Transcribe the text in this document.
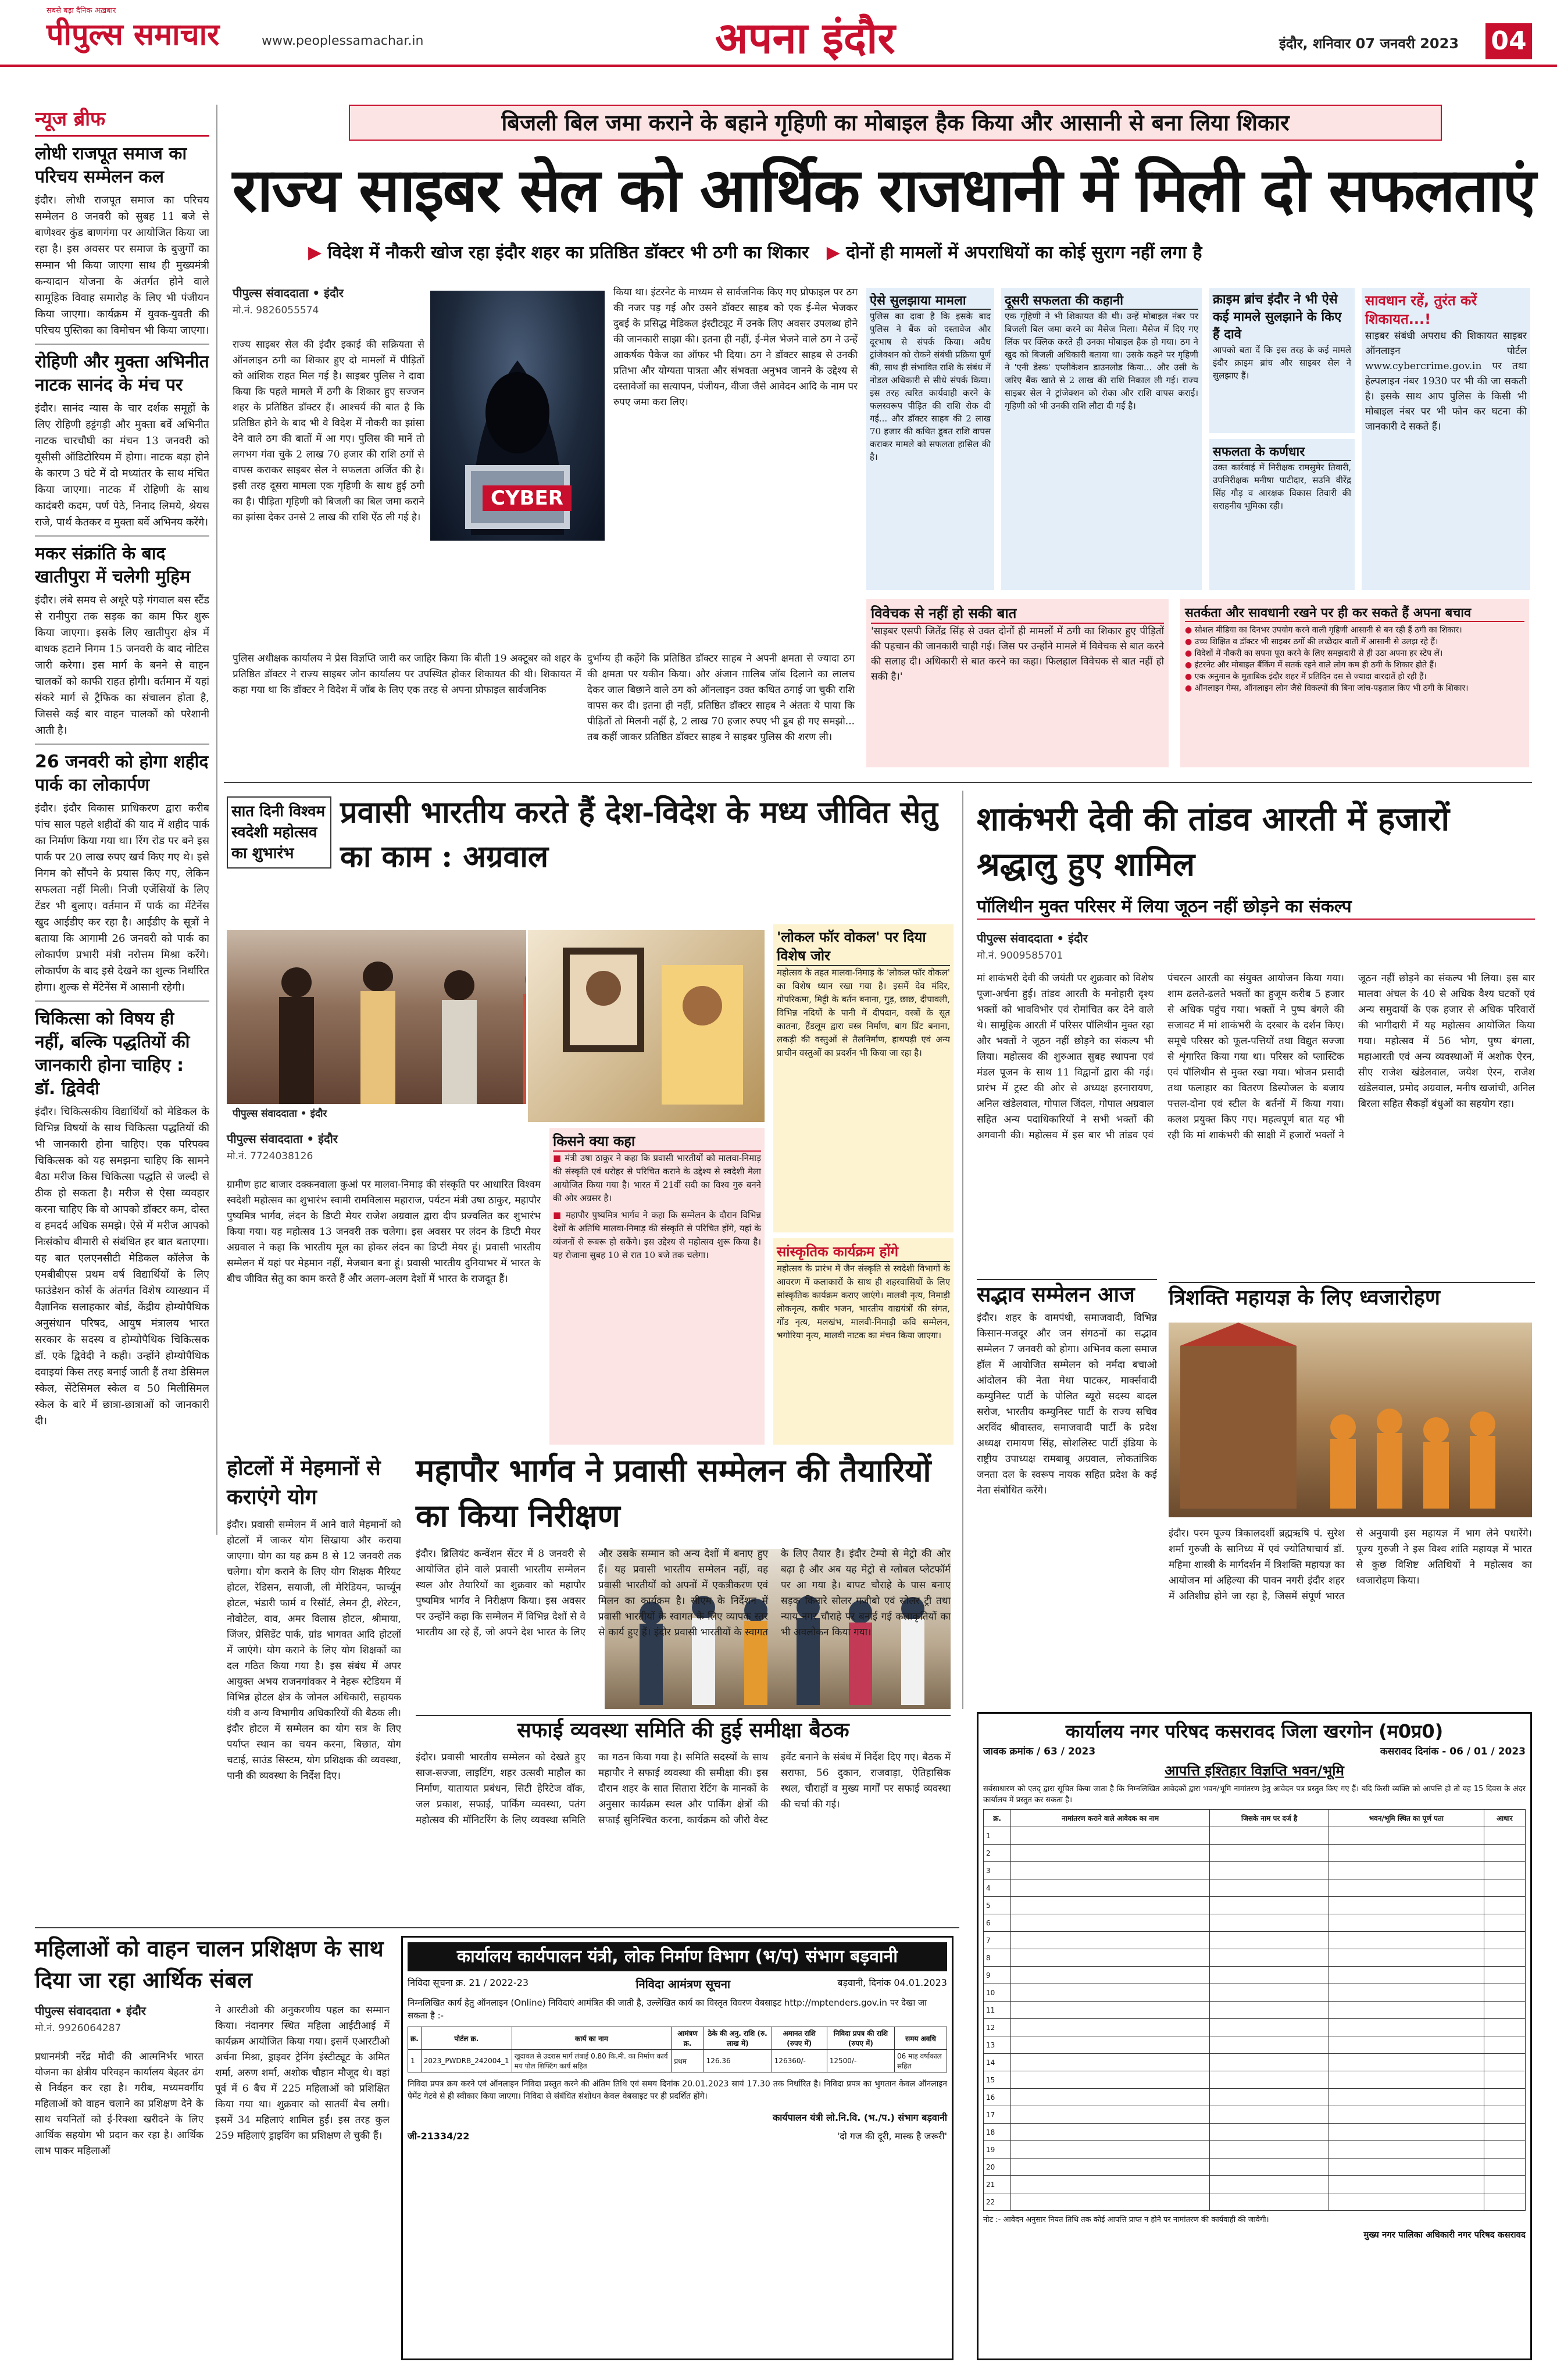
सबसे बड़ा दैनिक अख़बार
पीपुल्स समाचार	www.peoplessamachar.in	अपना इंदौर	इंदौर, शनिवार 07 जनवरी 2023 04
न्यूज ब्रीफ
लोधी राजपूत समाज का परिचय सम्मेलन कल
इंदौर। लोधी राजपूत समाज का परिचय सम्मेलन 8 जनवरी को सुबह 11 बजे से बाणेश्वर कुंड बाणगंगा पर आयोजित किया जा रहा है। इस अवसर पर समाज के बुजुर्गों का सम्मान भी किया जाएगा साथ ही मुख्यमंत्री कन्यादान योजना के अंतर्गत होने वाले सामूहिक विवाह समारोह के लिए भी पंजीयन किया जाएगा। कार्यक्रम में युवक-युवती की परिचय पुस्तिका का विमोचन भी किया जाएगा।
रोहिणी और मुक्ता अभिनीत नाटक सानंद के मंच पर
इंदौर। सानंद न्यास के चार दर्शक समूहों के लिए रोहिणी हट्टंगड़ी और मुक्ता बर्वे अभिनीत नाटक चारचौघी का मंचन 13 जनवरी को यूसीसी ऑडिटोरियम में होगा। नाटक बड़ा होने के कारण 3 घंटे में दो मध्यांतर के साथ मंचित किया जाएगा। नाटक में रोहिणी के साथ कादंबरी कदम, पर्ण पेठे, निनाद लिमये, श्रेयस राजे, पार्थ केतकर व मुक्ता बर्वे अभिनय करेंगे।
मकर संक्रांति के बाद खातीपुरा में चलेगी मुहिम
इंदौर। लंबे समय से अधूरे पड़े गंगवाल बस स्टैंड से रानीपुरा तक सड़क का काम फिर शुरू किया जाएगा। इसके लिए खातीपुरा क्षेत्र में बाधक हटाने निगम 15 जनवरी के बाद नोटिस जारी करेगा। इस मार्ग के बनने से वाहन चालकों को काफी राहत होगी। वर्तमान में यहां संकरे मार्ग से ट्रैफिक का संचालन होता है, जिससे कई बार वाहन चालकों को परेशानी आती है।
26 जनवरी को होगा शहीद पार्क का लोकार्पण
इंदौर। इंदौर विकास प्राधिकरण द्वारा करीब पांच साल पहले शहीदों की याद में शहीद पार्क का निर्माण किया गया था। रिंग रोड पर बने इस पार्क पर 20 लाख रुपए खर्च किए गए थे। इसे निगम को सौंपने के प्रयास किए गए, लेकिन सफलता नहीं मिली। निजी एजेंसियों के लिए टेंडर भी बुलाए। वर्तमान में पार्क का मेंटेनेंस खुद आईडीए कर रहा है। आईडीए के सूत्रों ने बताया कि आगामी 26 जनवरी को पार्क का लोकार्पण प्रभारी मंत्री नरोत्तम मिश्रा करेंगे। लोकार्पण के बाद इसे देखने का शुल्क निर्धारित होगा। शुल्क से मेंटेनेंस में आसानी रहेगी।
चिकित्सा को विषय ही नहीं, बल्कि पद्धतियों की जानकारी होना चाहिए : डॉ. द्विवेदी
इंदौर। चिकित्सकीय विद्यार्थियों को मेडिकल के विभिन्न विषयों के साथ चिकित्सा पद्धतियों की भी जानकारी होना चाहिए। एक परिपक्व चिकित्सक को यह समझना चाहिए कि सामने बैठा मरीज किस चिकित्सा पद्धति से जल्दी से ठीक हो सकता है। मरीज से ऐसा व्यवहार करना चाहिए कि वो आपको डॉक्टर कम, दोस्त व हमदर्द अधिक समझे। ऐसे में मरीज आपको निःसंकोच बीमारी से संबंधित हर बात बताएगा। यह बात एलएनसीटी मेडिकल कॉलेज के एमबीबीएस प्रथम वर्ष विद्यार्थियों के लिए फाउंडेशन कोर्स के अंतर्गत विशेष व्याख्यान में वैज्ञानिक सलाहकार बोर्ड, केंद्रीय होम्योपैथिक अनुसंधान परिषद, आयुष मंत्रालय भारत सरकार के सदस्य व होम्योपैथिक चिकित्सक डॉ. एके द्विवेदी ने कही। उन्होंने होम्योपैथिक दवाइयां किस तरह बनाई जाती हैं तथा डेसिमल स्केल, सेंटेसिमल स्केल व 50 मिलीसिमल स्केल के बारे में छात्रा-छात्राओं को जानकारी दी।
बिजली बिल जमा कराने के बहाने गृहिणी का मोबाइल हैक किया और आसानी से बना लिया शिकार
राज्य साइबर सेल को आर्थिक राजधानी में मिली दो सफलताएं
▶ विदेश में नौकरी खोज रहा इंदौर शहर का प्रतिष्ठित डॉक्टर भी ठगी का शिकार ▶ दोनों ही मामलों में अपराधियों का कोई सुराग नहीं लगा है
पीपुल्स संवाददाता • इंदौर
मो.नं. 9826055574
राज्य साइबर सेल की इंदौर इकाई की सक्रियता से ऑनलाइन ठगी का शिकार हुए दो मामलों में पीड़ितों को आंशिक राहत मिल गई है। साइबर पुलिस ने दावा किया कि पहले मामले में ठगी के शिकार हुए सज्जन शहर के प्रतिष्ठित डॉक्टर हैं। आश्चर्य की बात है कि प्रतिष्ठित होने के बाद भी वे विदेश में नौकरी का झांसा देने वाले ठग की बातों में आ गए। पुलिस की मानें तो लगभग गंवा चुके 2 लाख 70 हजार की राशि ठगों से वापस कराकर साइबर सेल ने सफलता अर्जित की है। इसी तरह दूसरा मामला एक गृहिणी के साथ हुई ठगी का है। पीड़िता गृहिणी को बिजली का बिल जमा कराने का झांसा देकर उनसे 2 लाख की राशि ऐंठ ली गई है।
पुलिस अधीक्षक कार्यालय ने प्रेस विज्ञप्ति जारी कर जाहिर किया कि बीती 19 अक्टूबर को शहर के प्रतिष्ठित डॉक्टर ने राज्य साइबर जोन कार्यालय पर उपस्थित होकर शिकायत की थी। शिकायत में कहा गया था कि डॉक्टर ने विदेश में जॉब के लिए एक तरह से अपना प्रोफाइल सार्वजनिक
CYBER
किया था। इंटरनेट के माध्यम से सार्वजनिक किए गए प्रोफाइल पर ठग की नजर पड़ गई और उसने डॉक्टर साहब को एक ई-मेल भेजकर दुबई के प्रसिद्ध मेडिकल इंस्टीट्यूट में उनके लिए अवसर उपलब्ध होने की जानकारी साझा की। इतना ही नहीं, ई-मेल भेजने वाले ठग ने उन्हें आकर्षक पैकेज का ऑफर भी दिया। ठग ने डॉक्टर साहब से उनकी प्रतिभा और योग्यता पात्रता और संभवता अनुभव जानने के उद्देश्य से दस्तावेजों का सत्यापन, पंजीयन, वीजा जैसे आवेदन आदि के नाम पर रुपए जमा करा लिए।
दुर्भाग्य ही कहेंगे कि प्रतिष्ठित डॉक्टर साहब ने अपनी क्षमता से ज्यादा ठग की क्षमता पर यकीन किया। और अंजान ग़ालिब जॉब दिलाने का लालच देकर जाल बिछाने वाले ठग को ऑनलाइन उक्त कथित ठगाई जा चुकी राशि वापस कर दी। इतना ही नहीं, प्रतिष्ठित डॉक्टर साहब ने अंततः ये पाया कि पीड़ितों तो मिलनी नहीं है, 2 लाख 70 हजार रुपए भी डूब ही गए समझो... तब कहीं जाकर प्रतिष्ठित डॉक्टर साहब ने साइबर पुलिस की शरण ली।
ऐसे सुलझाया मामला
पुलिस का दावा है कि इसके बाद पुलिस ने बैंक को दस्तावेज और दूरभाष से संपर्क किया। अवैध ट्रांजेक्शन को रोकने संबंधी प्रक्रिया पूर्ण की, साथ ही संभावित राशि के संबंध में नोडल अधिकारी से सीधे संपर्क किया। इस तरह त्वरित कार्यवाही करने के फलस्वरूप पीड़ित की राशि रोक दी गई... और डॉक्टर साहब की 2 लाख 70 हजार की कथित डूबत राशि वापस कराकर मामले को सफलता हासिल की है।
दूसरी सफलता की कहानी
एक गृहिणी ने भी शिकायत की थी। उन्हें मोबाइल नंबर पर बिजली बिल जमा करने का मैसेज मिला। मैसेज में दिए गए लिंक पर क्लिक करते ही उनका मोबाइल हैक हो गया। ठग ने खुद को बिजली अधिकारी बताया था। उसके कहने पर गृहिणी ने 'एनी डेस्क' एप्लीकेशन डाउनलोड किया... और उसी के जरिए बैंक खाते से 2 लाख की राशि निकाल ली गई। राज्य साइबर सेल ने ट्रांजेक्शन को रोका और राशि वापस कराई। गृहिणी को भी उनकी राशि लौटा दी गई है।
क्राइम ब्रांच इंदौर ने भी ऐसे कई मामले सुलझाने के किए हैं दावे
आपको बता दें कि इस तरह के कई मामले इंदौर क्राइम ब्रांच और साइबर सेल ने सुलझाए हैं।
सफलता के कर्णधार
उक्त कार्रवाई में निरीक्षक रामसुमेर तिवारी, उपनिरीक्षक मनीषा पाटीदार, सउनि वीरेंद्र सिंह गौड़ व आरक्षक विकास तिवारी की सराहनीय भूमिका रही।
सावधान रहें, तुरंत करें शिकायत...!
साइबर संबंधी अपराध की शिकायत साइबर ऑनलाइन पोर्टल www.cybercrime.gov.in पर तथा हेल्पलाइन नंबर 1930 पर भी की जा सकती है। इसके साथ आप पुलिस के किसी भी मोबाइल नंबर पर भी फोन कर घटना की जानकारी दे सकते हैं।
विवेचक से नहीं हो सकी बात
'साइबर एसपी जितेंद्र सिंह से उक्त दोनों ही मामलों में ठगी का शिकार हुए पीड़ितों की पहचान की जानकारी चाही गई। जिस पर उन्होंने मामले में विवेचक से बात करने की सलाह दी। अधिकारी से बात करने का कहा। फिलहाल विवेचक से बात नहीं हो सकी है।'
सतर्कता और सावधानी रखने पर ही कर सकते हैं अपना बचाव
● सोशल मीडिया का दिनभर उपयोग करने वाली गृहिणी आसानी से बन रही हैं ठगी का शिकार।
● उच्च शिक्षित व डॉक्टर भी साइबर ठगों की लच्छेदार बातों में आसानी से उलझ रहे हैं।
● विदेशों में नौकरी का सपना पूरा करने के लिए समझदारी से ही उठा अपना हर स्टेप लें।
● इंटरनेट और मोबाइल बैंकिंग में सतर्क रहने वाले लोग कम ही ठगी के शिकार होते हैं।
● एक अनुमान के मुताबिक इंदौर शहर में प्रतिदिन दस से ज्यादा वारदातें हो रही हैं।
● ऑनलाइन गेम्स, ऑनलाइन लोन जैसे विकल्पों की बिना जांच-पड़ताल किए भी ठगी के शिकार।
सात दिनी विश्वम स्वदेशी महोत्सव का शुभारंभ
प्रवासी भारतीय करते हैं देश-विदेश के मध्य जीवित सेतु का काम : अग्रवाल
पीपुल्स संवाददाता • इंदौर
पीपुल्स संवाददाता • इंदौर
मो.नं. 7724038126
ग्रामीण हाट बाजार दक्कनवाला कुआं पर मालवा-निमाड़ की संस्कृति पर आधारित विश्वम स्वदेशी महोत्सव का शुभारंभ स्वामी रामविलास महाराज, पर्यटन मंत्री उषा ठाकुर, महापौर पुष्यमित्र भार्गव, लंदन के डिप्टी मेयर राजेश अग्रवाल द्वारा दीप प्रज्वलित कर शुभारंभ किया गया। यह महोत्सव 13 जनवरी तक चलेगा। इस अवसर पर लंदन के डिप्टी मेयर अग्रवाल ने कहा कि भारतीय मूल का होकर लंदन का डिप्टी मेयर हूं। प्रवासी भारतीय सम्मेलन में यहां पर मेहमान नहीं, मेजबान बना हूं। प्रवासी भारतीय दुनियाभर में भारत के बीच जीवित सेतु का काम करते हैं और अलग-अलग देशों में भारत के राजदूत हैं।
किसने क्या कहा
■ मंत्री उषा ठाकुर ने कहा कि प्रवासी भारतीयों को मालवा-निमाड़ की संस्कृति एवं धरोहर से परिचित कराने के उद्देश्य से स्वदेशी मेला आयोजित किया गया है। भारत में 21वीं सदी का विश्व गुरु बनने की ओर अग्रसर है।
■ महापौर पुष्यमित्र भार्गव ने कहा कि सम्मेलन के दौरान विभिन्न देशों के अतिथि मालवा-निमाड़ की संस्कृति से परिचित होंगे, यहां के व्यंजनों से रूबरू हो सकेंगे। इस उद्देश्य से महोत्सव शुरू किया है। यह रोजाना सुबह 10 से रात 10 बजे तक चलेगा।
'लोकल फॉर वोकल' पर दिया विशेष जोर
महोत्सव के तहत मालवा-निमाड़ के 'लोकल फॉर वोकल' का विशेष ध्यान रखा गया है। इसमें देव मंदिर, गोपरिकमा, मिट्टी के बर्तन बनाना, गुड़, छाछ, दीपावली, विभिन्न नदियों के पानी में दीपदान, वस्त्रों के सूत कातना, हैंडलूम द्वारा वस्त्र निर्माण, बाग प्रिंट बनाना, लकड़ी की वस्तुओं से तैलनिर्माण, हाथपड़ी एवं अन्य प्राचीन वस्तुओं का प्रदर्शन भी किया जा रहा है।
सांस्कृतिक कार्यक्रम होंगे
महोत्सव के प्रारंभ में जैन संस्कृति से स्वदेशी विभागों के आवरण में कलाकारों के साथ ही शहरवासियों के लिए सांस्कृतिक कार्यक्रम कराए जाएंगे। मालवी नृत्य, निमाड़ी लोकनृत्य, कबीर भजन, भारतीय वाद्ययंत्रों की संगत, गोंड नृत्य, मलखंभ, मालवी-निमाड़ी कवि सम्मेलन, भगोरिया नृत्य, मालवी नाटक का मंचन किया जाएगा।
शाकंभरी देवी की तांडव आरती में हजारों श्रद्धालु हुए शामिल
पॉलिथीन मुक्त परिसर में लिया जूठन नहीं छोड़ने का संकल्प
पीपुल्स संवाददाता • इंदौर
मो.नं. 9009585701
मां शाकंभरी देवी की जयंती पर शुक्रवार को विशेष पूजा-अर्चना हुई। तांडव आरती के मनोहारी दृश्य भक्तों को भावविभोर एवं रोमांचित कर देने वाले थे। सामूहिक आरती में परिसर पॉलिथीन मुक्त रहा और भक्तों ने जूठन नहीं छोड़ने का संकल्प भी लिया। महोत्सव की शुरुआत सुबह स्थापना एवं मंडल पूजन के साथ 11 विद्वानों द्वारा की गई। प्रारंभ में ट्रस्ट की ओर से अध्यक्ष हरनारायण, अनिल खंडेलवाल, गोपाल जिंदल, गोपाल अग्रवाल सहित अन्य पदाधिकारियों ने सभी भक्तों की अगवानी की। महोत्सव में इस बार भी तांडव एवं पंचरत्न आरती का संयुक्त आयोजन किया गया। शाम ढलते-ढलते भक्तों का हुजूम करीब 5 हजार से अधिक पहुंच गया। भक्तों ने पुष्प बंगले की सजावट में मां शाकंभरी के दरबार के दर्शन किए। समूचे परिसर को फूल-पत्तियों तथा विद्युत सज्जा से शृंगारित किया गया था। परिसर को प्लास्टिक एवं पॉलिथीन से मुक्त रखा गया। भोजन प्रसादी तथा फलाहार का वितरण डिस्पोजल के बजाय पत्तल-दोना एवं स्टील के बर्तनों में किया गया। कलश प्रयुक्त किए गए। महत्वपूर्ण बात यह भी रही कि मां शाकंभरी की साक्षी में हजारों भक्तों ने जूठन नहीं छोड़ने का संकल्प भी लिया। इस बार मालवा अंचल के 40 से अधिक वैश्य घटकों एवं अन्य समुदायों के एक हजार से अधिक परिवारों की भागीदारी में यह महोत्सव आयोजित किया गया। महोत्सव में 56 भोग, पुष्प बंगला, महाआरती एवं अन्य व्यवस्थाओं में अशोक ऐरन, सीए राजेश खंडेलवाल, जयेश ऐरन, राजेश खंडेलवाल, प्रमोद अग्रवाल, मनीष खजांची, अनिल बिरला सहित सैकड़ों बंधुओं का सहयोग रहा।
सद्भाव सम्मेलन आज
इंदौर। शहर के वामपंथी, समाजवादी, विभिन्न किसान-मजदूर और जन संगठनों का सद्भाव सम्मेलन 7 जनवरी को होगा। अभिनव कला समाज हॉल में आयोजित सम्मेलन को नर्मदा बचाओ आंदोलन की नेता मेधा पाटकर, मार्क्सवादी कम्युनिस्ट पार्टी के पोलित ब्यूरो सदस्य बादल सरोज, भारतीय कम्युनिस्ट पार्टी के राज्य सचिव अरविंद श्रीवास्तव, समाजवादी पार्टी के प्रदेश अध्यक्ष रामायण सिंह, सोशलिस्ट पार्टी इंडिया के राष्ट्रीय उपाध्यक्ष रामबाबू अग्रवाल, लोकतांत्रिक जनता दल के स्वरूप नायक सहित प्रदेश के कई नेता संबोधित करेंगे।
त्रिशक्ति महायज्ञ के लिए ध्वजारोहण
इंदौर। परम पूज्य त्रिकालदर्शी ब्रह्मऋषि पं. सुरेश शर्मा गुरुजी के सानिध्य में एवं ज्योतिषाचार्य डॉ. महिमा शास्त्री के मार्गदर्शन में त्रिशक्ति महायज्ञ का आयोजन मां अहिल्या की पावन नगरी इंदौर शहर में अतिशीघ्र होने जा रहा है, जिसमें संपूर्ण भारत से अनुयायी इस महायज्ञ में भाग लेने पधारेंगे। पूज्य गुरुजी ने इस विश्व शांति महायज्ञ में भारत से कुछ विशिष्ट अतिथियों ने महोत्सव का ध्वजारोहण किया।
होटलों में मेहमानों से कराएंगे योग
इंदौर। प्रवासी सम्मेलन में आने वाले मेहमानों को होटलों में जाकर योग सिखाया और कराया जाएगा। योग का यह क्रम 8 से 12 जनवरी तक चलेगा। योग कराने के लिए योग शिक्षक मैरियट होटल, रेडिसन, सयाजी, ली मेरिडियन, फार्च्यून होटल, भंडारी फार्म व रिसॉर्ट, लेमन ट्री, शेरेटन, नोवोटेल, वाव, अमर विलास होटल, श्रीमाया, जिंजर, प्रेसिडेंट पार्क, ग्रांड भागवत आदि होटलों में जाएंगे। योग कराने के लिए योग शिक्षकों का दल गठित किया गया है। इस संबंध में अपर आयुक्त अभय राजनगांवकर ने नेहरू स्टेडियम में विभिन्न होटल क्षेत्र के जोनल अधिकारी, सहायक यंत्री व अन्य विभागीय अधिकारियों की बैठक ली। इंदौर होटल में सम्मेलन का योग सत्र के लिए पर्याप्त स्थान का चयन करना, बिछात, योग चटाई, साउंड सिस्टम, योग प्रशिक्षक की व्यवस्था, पानी की व्यवस्था के निर्देश दिए।
महापौर भार्गव ने प्रवासी सम्मेलन की तैयारियों का किया निरीक्षण
इंदौर। ब्रिलियंट कन्वेंशन सेंटर में 8 जनवरी से आयोजित होने वाले प्रवासी भारतीय सम्मेलन स्थल और तैयारियों का शुक्रवार को महापौर पुष्यमित्र भार्गव ने निरीक्षण किया। इस अवसर पर उन्होंने कहा कि सम्मेलन में विभिन्न देशों से वे भारतीय आ रहे हैं, जो अपने देश भारत के लिए और उसके सम्मान को अन्य देशों में बनाए हुए हैं। यह प्रवासी भारतीय सम्मेलन नहीं, वह प्रवासी भारतीयों को अपनों में एकत्रीकरण एवं मिलन का कार्यक्रम है। सीएम के निर्देशन में प्रवासी भारतीयों के स्वागत के लिए व्यापक स्तर से कार्य हुए हैं। इंदौर प्रवासी भारतीयों के स्वागत के लिए तैयार है। इंदौर टेम्पो से मेट्रो की ओर बढ़ा है और अब यह मेट्रो से ग्लोबल प्लेटफॉर्म पर आ गया है। बापट चौराहे के पास बनाए सड़क किनारे सोलर गजीबो एवं सोलर ट्री तथा न्याय नगर चौराहे पर बनाई गई कलाकृतियों का भी अवलोकन किया गया।
सफाई व्यवस्था समिति की हुई समीक्षा बैठक
इंदौर। प्रवासी भारतीय सम्मेलन को देखते हुए साज-सज्जा, लाइटिंग, शहर उत्सवी माहौल का निर्माण, यातायात प्रबंधन, सिटी हेरिटेज वॉक, जल प्रकाश, सफाई, पार्किंग व्यवस्था, पतंग महोत्सव की मॉनिटरिंग के लिए व्यवस्था समिति का गठन किया गया है। समिति सदस्यों के साथ महापौर ने सफाई व्यवस्था की समीक्षा की। इस दौरान शहर के सात सितारा रेटिंग के मानकों के अनुसार कार्यक्रम स्थल और पार्किंग क्षेत्रों की सफाई सुनिश्चित करना, कार्यक्रम को जीरो वेस्ट इवेंट बनाने के संबंध में निर्देश दिए गए। बैठक में सराफा, 56 दुकान, राजवाड़ा, ऐतिहासिक स्थल, चौराहों व मुख्य मार्गों पर सफाई व्यवस्था की चर्चा की गई।
महिलाओं को वाहन चालन प्रशिक्षण के साथ दिया जा रहा आर्थिक संबल
पीपुल्स संवाददाता • इंदौर
मो.नं. 9926064287
प्रधानमंत्री नरेंद्र मोदी की आत्मनिर्भर भारत योजना का क्षेत्रीय परिवहन कार्यालय बेहतर ढंग से निर्वहन कर रहा है। गरीब, मध्यमवर्गीय महिलाओं को वाहन चलाने का प्रशिक्षण देने के साथ चयनितों को ई-रिक्शा खरीदने के लिए आर्थिक सहयोग भी प्रदान कर रहा है। आर्थिक लाभ पाकर महिलाओं
ने आरटीओ की अनुकरणीय पहल का सम्मान किया। नंदानगर स्थित महिला आईटीआई में कार्यक्रम आयोजित किया गया। इसमें एआरटीओ अर्चना मिश्रा, ड्राइवर ट्रेनिंग इंस्टीट्यूट के अमित शर्मा, अरुण शर्मा, अशोक चौहान मौजूद थे। वहां पूर्व में 6 बैच में 225 महिलाओं को प्रशिक्षित किया गया था। शुक्रवार को सातवीं बैच लगी। इसमें 34 महिलाएं शामिल हुईं। इस तरह कुल 259 महिलाएं ड्राइविंग का प्रशिक्षण ले चुकी हैं।
कार्यालय कार्यपालन यंत्री, लोक निर्माण विभाग (भ/प) संभाग बड़वानी
निविदा सूचना क्र. 21 / 2022-23	निविदा आमंत्रण सूचना	बड़वानी, दिनांक 04.01.2023
निम्नलिखित कार्य हेतु ऑनलाइन (Online) निविदाएं आमंत्रित की जाती है, उल्लेखित कार्य का विस्तृत विवरण वेबसाइट http://mptenders.gov.in पर देखा जा सकता है :-
क्र.	पोर्टल क्र.	कार्य का नाम	आमंत्रण क्र.	ठेके की अनु. राशि (रु. लाख में)	अमानत राशि (रुपए में)	निविदा प्रपत्र की राशि (रुपए में)	समय अवधि
1	2023_PWDRB_242004_1	खुदावल से उदरास मार्ग लंबाई 0.80 कि.मी. का निर्माण कार्य मय पोल शिफ्टिंग कार्य सहित	प्रथम	126.36	126360/-	12500/-	06 माह वर्षाकाल सहित
निविदा प्रपत्र क्रय करने एवं ऑनलाइन निविदा प्रस्तुत करने की अंतिम तिथि एवं समय दिनांक 20.01.2023 सायं 17.30 तक निर्धारित है। निविदा प्रपत्र का भुगतान केवल ऑनलाइन पेमेंट गेटवे से ही स्वीकार किया जाएगा। निविदा से संबंधित संशोधन केवल वेबसाइट पर ही प्रदर्शित होंगे।
कार्यपालन यंत्री लो.नि.वि. (भ./प.) संभाग बड़वानी
जी-21334/22	'दो गज की दूरी, मास्क है जरूरी'
कार्यालय नगर परिषद कसरावद जिला खरगोन (म0प्र0)
जावक क्रमांक / 63 / 2023	कसरावद दिनांक - 06 / 01 / 2023
आपत्ति इश्तिहार विज्ञप्ति भवन/भूमि
सर्वसाधारण को एतद् द्वारा सूचित किया जाता है कि निम्नलिखित आवेदकों द्वारा भवन/भूमि नामांतरण हेतु आवेदन पत्र प्रस्तुत किए गए हैं। यदि किसी व्यक्ति को आपत्ति हो तो वह 15 दिवस के अंदर कार्यालय में प्रस्तुत कर सकता है।
क्र.	नामांतरण कराने वाले आवेदक का नाम	जिसके नाम पर दर्ज है	भवन/भूमि स्थित का पूर्ण पता	आधार
1				
2				
3				
4				
5				
6				
7				
8				
9				
10				
11				
12				
13				
14				
15				
16				
17				
18				
19				
20				
21				
22				
नोट :- आवेदन अनुसार नियत तिथि तक कोई आपत्ति प्राप्त न होने पर नामांतरण की कार्यवाही की जावेगी।
मुख्य नगर पालिका अधिकारी नगर परिषद कसरावद
